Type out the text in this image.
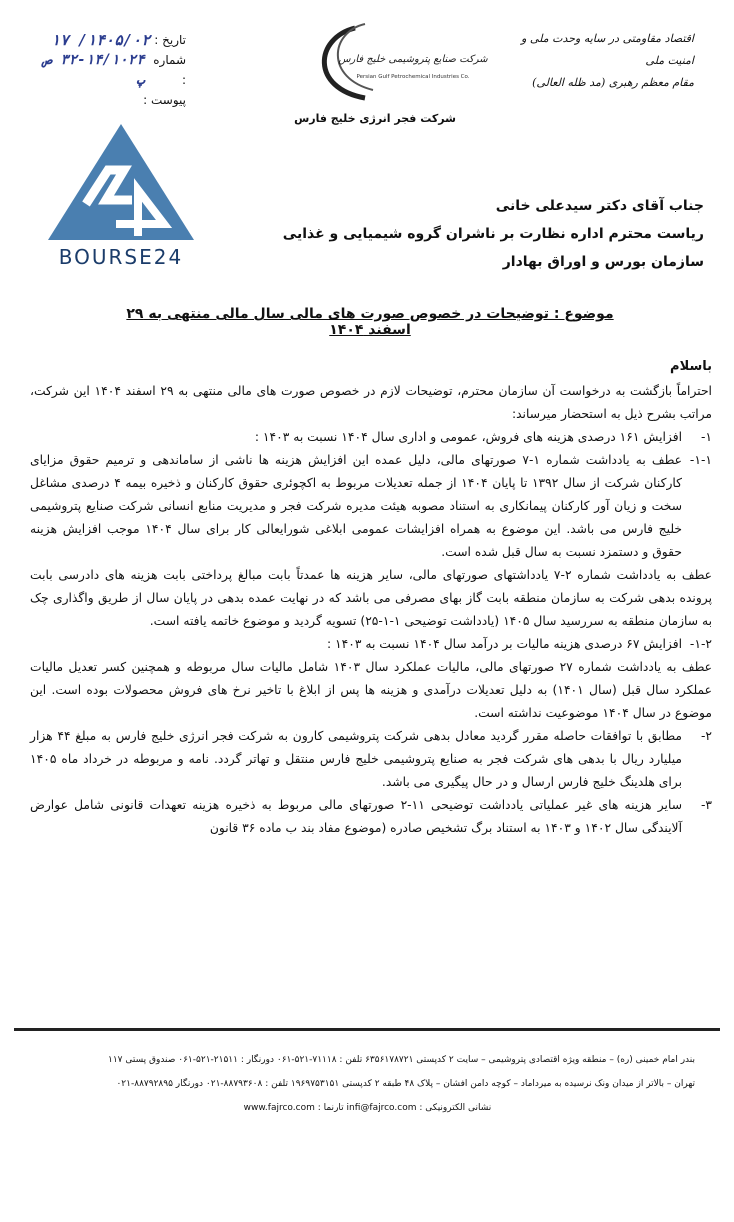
تاریخ :
۱۴۰۵/۰۲/ ۱۷
شماره :
۳۲-۱۴/۱۰۲۴ ص پ
پیوست :
اقتصاد مقاومتی در سایه وحدت ملی و امنیت ملی
مقام معظم رهبری (مد ظله العالی)
شرکت صنایع پتروشیمی خلیج فارس
Persian Gulf Petrochemical Industries Co.
شرکت فجر انرژی خلیج فارس
BOURSE24
جناب آقای دکتر سیدعلی خانی
ریاست محترم اداره نظارت بر ناشران گروه شیمیایی و غذایی
سازمان بورس و اوراق بهادار
موضوع : توضیحات در خصوص صورت های مالی سال مالی منتهی به ۲۹ اسفند ۱۴۰۴

باسلام

احتراماً بازگشت به درخواست آن سازمان محترم، توضیحات لازم در خصوص صورت های مالی منتهی به ۲۹ اسفند ۱۴۰۴ این شرکت، مراتب بشرح ذیل به استحضار میرساند:

۱-
افزایش ۱۶۱ درصدی هزینه های فروش، عمومی و اداری سال ۱۴۰۴ نسبت به ۱۴۰۳ :
۱-۱-
عطف به یادداشت شماره ۱-۷ صورتهای مالی، دلیل عمده این افزایش هزینه ها ناشی از ساماندهی و ترمیم حقوق مزایای کارکنان شرکت از سال ۱۳۹۲ تا پایان ۱۴۰۴ از جمله تعدیلات مربوط به اکچوئری حقوق کارکنان و ذخیره بیمه ۴ درصدی مشاغل سخت و زیان آور کارکنان پیمانکاری به استناد مصوبه هیئت مدیره شرکت فجر و مدیریت منابع انسانی شرکت صنایع پتروشیمی خلیج فارس می باشد. این موضوع به همراه افزایشات عمومی ابلاغی شورایعالی کار برای سال ۱۴۰۴ موجب افزایش هزینه حقوق و دستمزد نسبت به سال قبل شده است.

عطف به یادداشت شماره ۲-۷ یادداشتهای صورتهای مالی، سایر هزینه ها عمدتاً بابت مبالغ پرداختی بابت هزینه های دادرسی بابت پرونده بدهی شرکت به سازمان منطقه بابت گاز بهای مصرفی می باشد که در نهایت عمده بدهی در پایان سال از طریق واگذاری چک به سازمان منطقه به سررسید سال ۱۴۰۵ (یادداشت توضیحی ۱-۱-۲۵) تسویه گردید و موضوع خاتمه یافته است.

۱-۲-
افزایش ۶۷ درصدی هزینه مالیات بر درآمد سال ۱۴۰۴ نسبت به ۱۴۰۳ :

عطف به یادداشت شماره ۲۷ صورتهای مالی، مالیات عملکرد سال ۱۴۰۳ شامل مالیات سال مربوطه و همچنین کسر تعدیل مالیات عملکرد سال قبل (سال ۱۴۰۱) به دلیل تعدیلات درآمدی و هزینه ها پس از ابلاغ با تاخیر نرخ های فروش محصولات بوده است. این موضوع در سال ۱۴۰۴ موضوعیت نداشته است.

۲-
مطابق با توافقات حاصله مقرر گردید معادل بدهی شرکت پتروشیمی کارون به شرکت فجر انرژی خلیج فارس به مبلغ ۴۴ هزار میلیارد ریال با بدهی های شرکت فجر به صنایع پتروشیمی خلیج فارس منتقل و تهاتر گردد. نامه و مربوطه در خرداد ماه ۱۴۰۵ برای هلدینگ خلیج فارس ارسال و در حال پیگیری می باشد.
۳-
سایر هزینه های غیر عملیاتی یادداشت توضیحی ۱۱-۲ صورتهای مالی مربوط به ذخیره هزینه تعهدات قانونی شامل عوارض آلایندگی سال ۱۴۰۲ و ۱۴۰۳ به استناد برگ تشخیص صادره (موضوع مفاد بند ب ماده ۳۶ قانون
بندر امام خمینی (ره) – منطقه ویژه اقتصادی پتروشیمی – سایت ۲ کدپستی ۶۳۵۶۱۷۸۷۲۱ تلفن : ۷۱۱۱۸-۵۲۱-۰۶۱ دورنگار : ۲۱۵۱۱-۵۲۱-۰۶۱ صندوق پستی ۱۱۷
تهران – بالاتر از میدان ونک نرسیده به میرداماد – کوچه دامن افشان – پلاک ۴۸ طبقه ۲ کدپستی ۱۹۶۹۷۵۳۱۵۱ تلفن : ۸۸۷۹۳۶۰۸-۰۲۱ دورنگار ۸۸۷۹۲۸۹۵-۰۲۱
نشانی الکترونیکی : infi@fajrco.com تارنما : www.fajrco.com
